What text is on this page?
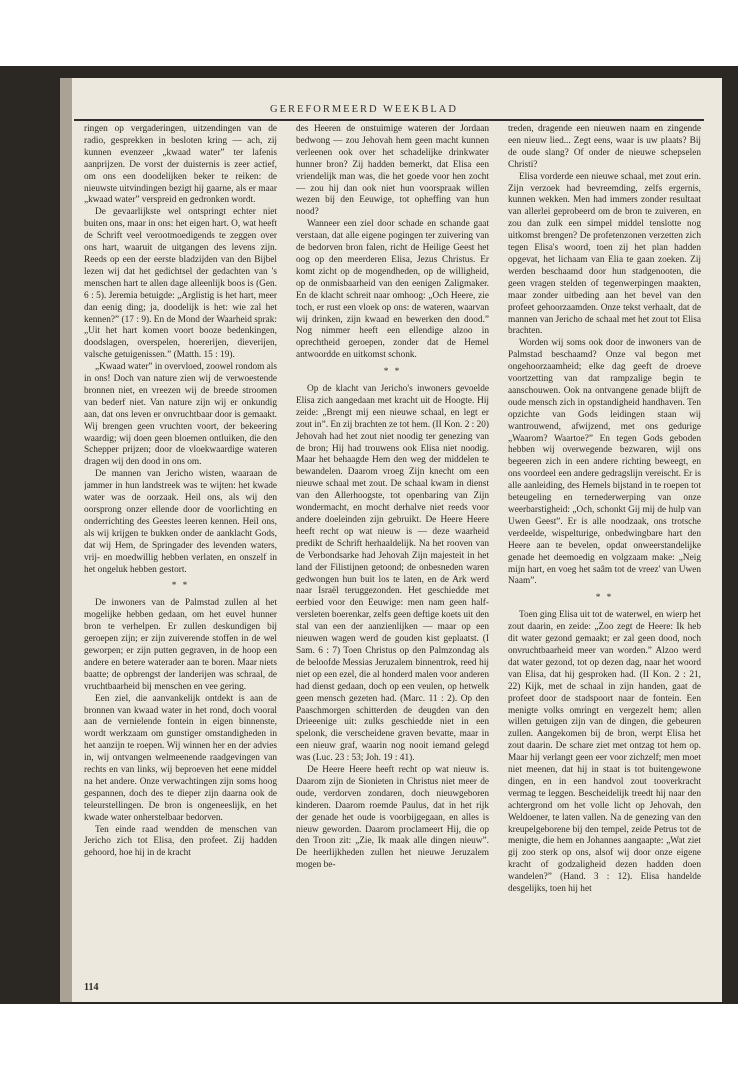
GEREFORMEERD WEEKBLAD

ringen op vergaderingen, uitzendingen van de radio, gesprekken in besloten kring — ach, zij kunnen evenzeer „kwaad water” ter lafenis aanprijzen. De vorst der duisternis is zeer actief, om ons een doodelijken beker te reiken: de nieuwste uitvindingen bezigt hij gaarne, als er maar „kwaad water” verspreid en gedronken wordt.

De gevaarlijkste wel ontspringt echter niet buiten ons, maar in ons: het eigen hart. O, wat heeft de Schrift veel verootmoedigends te zeggen over ons hart, waaruit de uitgangen des levens zijn. Reeds op een der eerste bladzijden van den Bijbel lezen wij dat het gedichtsel der gedachten van 's menschen hart te allen dage alleenlijk boos is (Gen. 6 : 5). Jeremia betuigde: „Arglistig is het hart, meer dan eenig ding; ja, doodelijk is het: wie zal het kennen?” (17 : 9). En de Mond der Waarheid sprak: „Uit het hart komen voort booze bedenkingen, doodslagen, overspelen, hoererijen, dieverijen, valsche getuigenissen.” (Matth. 15 : 19).

„Kwaad water” in overvloed, zoowel rondom als in ons! Doch van nature zien wij de verwoestende bronnen niet, en vreezen wij de breede stroomen van bederf niet. Van nature zijn wij er onkundig aan, dat ons leven er onvruchtbaar door is gemaakt. Wij brengen geen vruchten voort, der bekeering waardig; wij doen geen bloemen ontluiken, die den Schepper prijzen; door de vloekwaardige wateren dragen wij den dood in ons om.

De mannen van Jericho wisten, waaraan de jammer in hun landstreek was te wijten: het kwade water was de oorzaak. Heil ons, als wij den oorsprong onzer ellende door de voorlichting en onderrichting des Geestes leeren kennen. Heil ons, als wij krijgen te bukken onder de aanklacht Gods, dat wij Hem, de Springader des levenden waters, vrij- en moedwillig hebben verlaten, en onszelf in het ongeluk hebben gestort.

* *

De inwoners van de Palmstad zullen al het mogelijke hebben gedaan, om het euvel hunner bron te verhelpen. Er zullen deskundigen bij geroepen zijn; er zijn zuiverende stoffen in de wel geworpen; er zijn putten gegraven, in de hoop een andere en betere waterader aan te boren. Maar niets baatte; de opbrengst der landerijen was schraal, de vruchtbaarheid bij menschen en vee gering.

Een ziel, die aanvankelijk ontdekt is aan de bronnen van kwaad water in het rond, doch vooral aan de vernielende fontein in eigen binnenste, wordt werkzaam om gunstiger omstandigheden in het aanzijn te roepen. Wij winnen her en der advies in, wij ontvangen welmeenende raadgevingen van rechts en van links, wij beproeven het eene middel na het andere. Onze verwachtingen zijn soms hoog gespannen, doch des te dieper zijn daarna ook de teleurstellingen. De bron is ongeneeslijk, en het kwade water onherstelbaar bedorven.

Ten einde raad wendden de menschen van Jericho zich tot Elisa, den profeet. Zij hadden gehoord, hoe hij in de kracht

des Heeren de onstuimige wateren der Jordaan bedwong — zou Jehovah hem geen macht kunnen verleenen ook over het schadelijke drinkwater hunner bron? Zij hadden bemerkt, dat Elisa een vriendelijk man was, die het goede voor hen zocht — zou hij dan ook niet hun voorspraak willen wezen bij den Eeuwige, tot opheffing van hun nood?

Wanneer een ziel door schade en schande gaat verstaan, dat alle eigene pogingen ter zuivering van de bedorven bron falen, richt de Heilige Geest het oog op den meerderen Elisa, Jezus Christus. Er komt zicht op de mogendheden, op de willigheid, op de onmisbaarheid van den eenigen Zaligmaker. En de klacht schreit naar omhoog: „Och Heere, zie toch, er rust een vloek op ons: de wateren, waarvan wij drinken, zijn kwaad en bewerken den dood.” Nog nimmer heeft een ellendige alzoo in oprechtheid geroepen, zonder dat de Hemel antwoordde en uitkomst schonk.

* *

Op de klacht van Jericho's inwoners gevoelde Elisa zich aangedaan met kracht uit de Hoogte. Hij zeide: „Brengt mij een nieuwe schaal, en legt er zout in”. En zij brachten ze tot hem. (II Kon. 2 : 20) Jehovah had het zout niet noodig ter genezing van de bron; Hij had trouwens ook Elisa niet noodig. Maar het behaagde Hem den weg der middelen te bewandelen. Daarom vroeg Zijn knecht om een nieuwe schaal met zout. De schaal kwam in dienst van den Allerhoogste, tot openbaring van Zijn wondermacht, en mocht derhalve niet reeds voor andere doeleinden zijn gebruikt. De Heere Heere heeft recht op wat nieuw is — deze waarheid predikt de Schrift herhaaldelijk. Na het rooven van de Verbondsarke had Jehovah Zijn majesteit in het land der Filistijnen getoond; de onbesneden waren gedwongen hun buit los te laten, en de Ark werd naar Israël teruggezonden. Het geschiedde met eerbied voor den Eeuwige: men nam geen half-versleten boerenkar, zelfs geen deftige koets uit den stal van een der aanzienlijken — maar op een nieuwen wagen werd de gouden kist geplaatst. (I Sam. 6 : 7) Toen Christus op den Palmzondag als de beloofde Messias Jeruzalem binnentrok, reed hij niet op een ezel, die al honderd malen voor anderen had dienst gedaan, doch op een veulen, op hetwelk geen mensch gezeten had. (Marc. 11 : 2). Op den Paaschmorgen schitterden de deugden van den Drieeenige uit: zulks geschiedde niet in een spelonk, die verscheidene graven bevatte, maar in een nieuw graf, waarin nog nooit iemand gelegd was (Luc. 23 : 53; Joh. 19 : 41).

De Heere Heere heeft recht op wat nieuw is. Daarom zijn de Sionieten in Christus niet meer de oude, verdorven zondaren, doch nieuwgeboren kinderen. Daarom roemde Paulus, dat in het rijk der genade het oude is voorbijgegaan, en alles is nieuw geworden. Daarom proclameert Hij, die op den Troon zit: „Zie, Ik maak alle dingen nieuw”. De heerlijkheden zullen het nieuwe Jeruzalem mogen be-

treden, dragende een nieuwen naam en zingende een nieuw lied... Zegt eens, waar is uw plaats? Bij de oude slang? Of onder de nieuwe schepselen Christi?

Elisa vorderde een nieuwe schaal, met zout erin. Zijn verzoek had bevreemding, zelfs ergernis, kunnen wekken. Men had immers zonder resultaat van allerlei geprobeerd om de bron te zuiveren, en zou dan zulk een simpel middel tenslotte nog uitkomst brengen? De profetenzonen verzetten zich tegen Elisa's woord, toen zij het plan hadden opgevat, het lichaam van Elia te gaan zoeken. Zij werden beschaamd door hun stadgenooten, die geen vragen stelden of tegenwerpingen maakten, maar zonder uitbeding aan het bevel van den profeet gehoorzaamden. Onze tekst verhaalt, dat de mannen van Jericho de schaal met het zout tot Elisa brachten.

Worden wij soms ook door de inwoners van de Palmstad beschaamd? Onze val begon met ongehoorzaamheid; elke dag geeft de droeve voortzetting van dat rampzalige begin te aanschouwen. Ook na ontvangene genade blijft de oude mensch zich in opstandigheid handhaven. Ten opzichte van Gods leidingen staan wij wantrouwend, afwijzend, met ons gedurige „Waarom? Waartoe?” En tegen Gods geboden hebben wij overwegende bezwaren, wijl ons begeeren zich in een andere richting beweegt, en ons voordeel een andere gedragslijn vereischt. Er is alle aanleiding, des Hemels bijstand in te roepen tot beteugeling en ternederwerping van onze weerbarstigheid: „Och, schonkt Gij mij de hulp van Uwen Geest”. Er is alle noodzaak, ons trotsche verdeelde, wispelturige, onbedwingbare hart den Heere aan te bevelen, opdat onweerstandelijke genade het deemoedig en volgzaam make: „Neig mijn hart, en voeg het saâm tot de vreez' van Uwen Naam”.

* *

Toen ging Elisa uit tot de waterwel, en wierp het zout daarin, en zeide: „Zoo zegt de Heere: Ik heb dit water gezond gemaakt; er zal geen dood, noch onvruchtbaarheid meer van worden.” Alzoo werd dat water gezond, tot op dezen dag, naar het woord van Elisa, dat hij gesproken had. (II Kon. 2 : 21, 22) Kijk, met de schaal in zijn handen, gaat de profeet door de stadspoort naar de fontein. Een menigte volks omringt en vergezelt hem; allen willen getuigen zijn van de dingen, die gebeuren zullen. Aangekomen bij de bron, werpt Elisa het zout daarin. De schare ziet met ontzag tot hem op. Maar hij verlangt geen eer voor zichzelf; men moet niet meenen, dat hij in staat is tot buitengewone dingen, en in een handvol zout tooverkracht vermag te leggen. Bescheidelijk treedt hij naar den achtergrond om het volle licht op Jehovah, den Weldoener, te laten vallen. Na de genezing van den kreupelgeborene bij den tempel, zeide Petrus tot de menigte, die hem en Johannes aangaapte: „Wat ziet gij zoo sterk op ons, alsof wij door onze eigene kracht of godzaligheid dezen hadden doen wandelen?” (Hand. 3 : 12). Elisa handelde desgelijks, toen hij het

114
